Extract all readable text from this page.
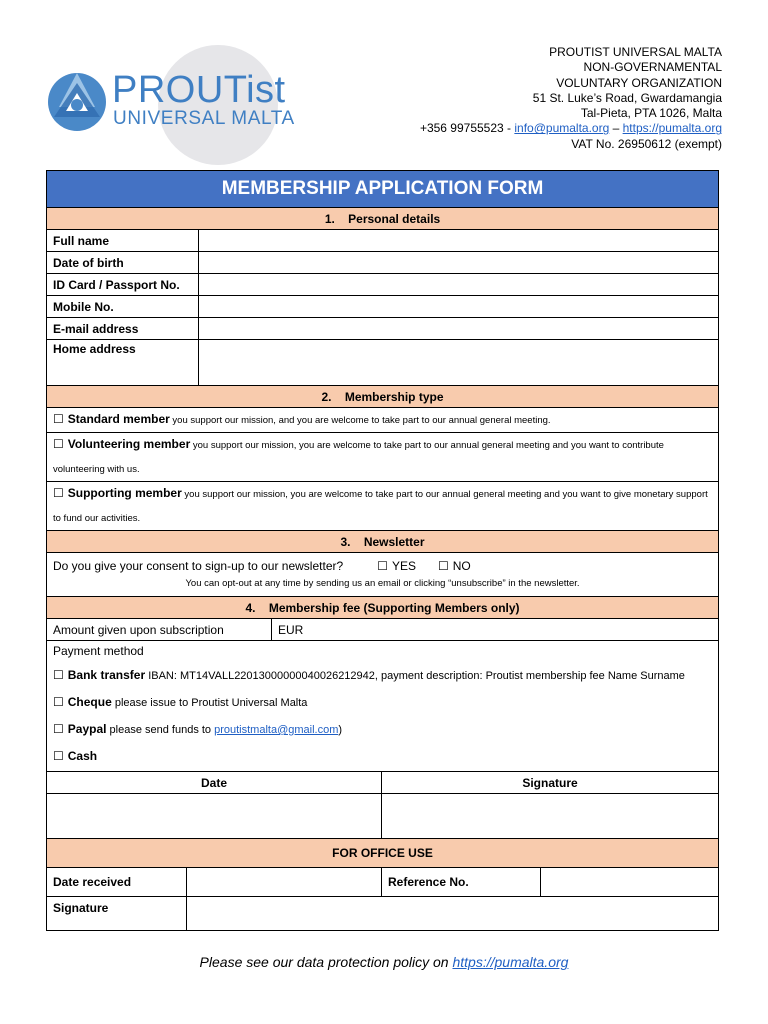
PROUTist
UNIVERSAL MALTA
PROUTIST UNIVERSAL MALTA
NON-GOVERNAMENTAL
VOLUNTARY ORGANIZATION
51 St. Luke’s Road, Gwardamangia
Tal-Pieta, PTA 1026, Malta
+356 99755523 - info@pumalta.org – https://pumalta.org
VAT No. 26950612 (exempt)
MEMBERSHIP APPLICATION FORM					
1.    Personal details					
Full name					
Date of birth					
ID Card / Passport No.					
Mobile No.					
E-mail address					
Home address					
2.    Membership type					
☐ Standard member you support our mission, and you are welcome to take part to our annual general meeting.					
☐ Volunteering member you support our mission, you are welcome to take part to our annual general meeting and you want to contribute volunteering with us.					
☐ Supporting member you support our mission, you are welcome to take part to our annual general meeting and you want to give monetary support to fund our activities.					
3.    Newsletter					

Do you give your consent to sign-up to our newsletter? ☐ YES ☐ NO
You can opt-out at any time by sending us an email or clicking “unsubscribe” in the newsletter.					

4.    Membership fee (Supporting Members only)					
Amount given upon subscription			EUR		

Payment method
☐ Bank transfer IBAN: MT14VALL22013000000040026212942, payment description: Proutist membership fee Name Surname
☐ Cheque please issue to Proutist Universal Malta
☐ Paypal please send funds to proutistmalta@gmail.com)
☐ Cash					

Date				Signature	

FOR OFFICE USE					
Date received				Reference No.	
Signature					
Please see our data protection policy on https://pumalta.org
